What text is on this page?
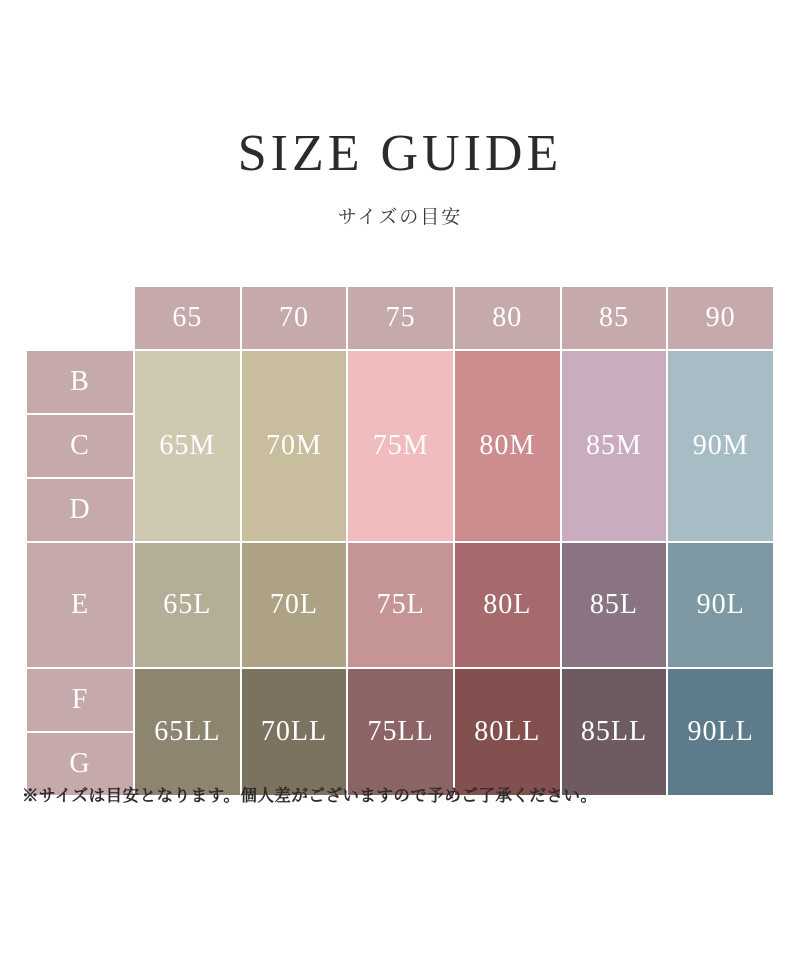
SIZE GUIDE
サイズの目安
	65	70	75	80	85	90
B	65M	70M	75M	80M	85M	90M
C						
D						
E	65L	70L	75L	80L	85L	90L
F	65LL	70LL	75LL	80LL	85LL	90LL
G						
※サイズは目安となります。個人差がございますので予めご了承ください。
